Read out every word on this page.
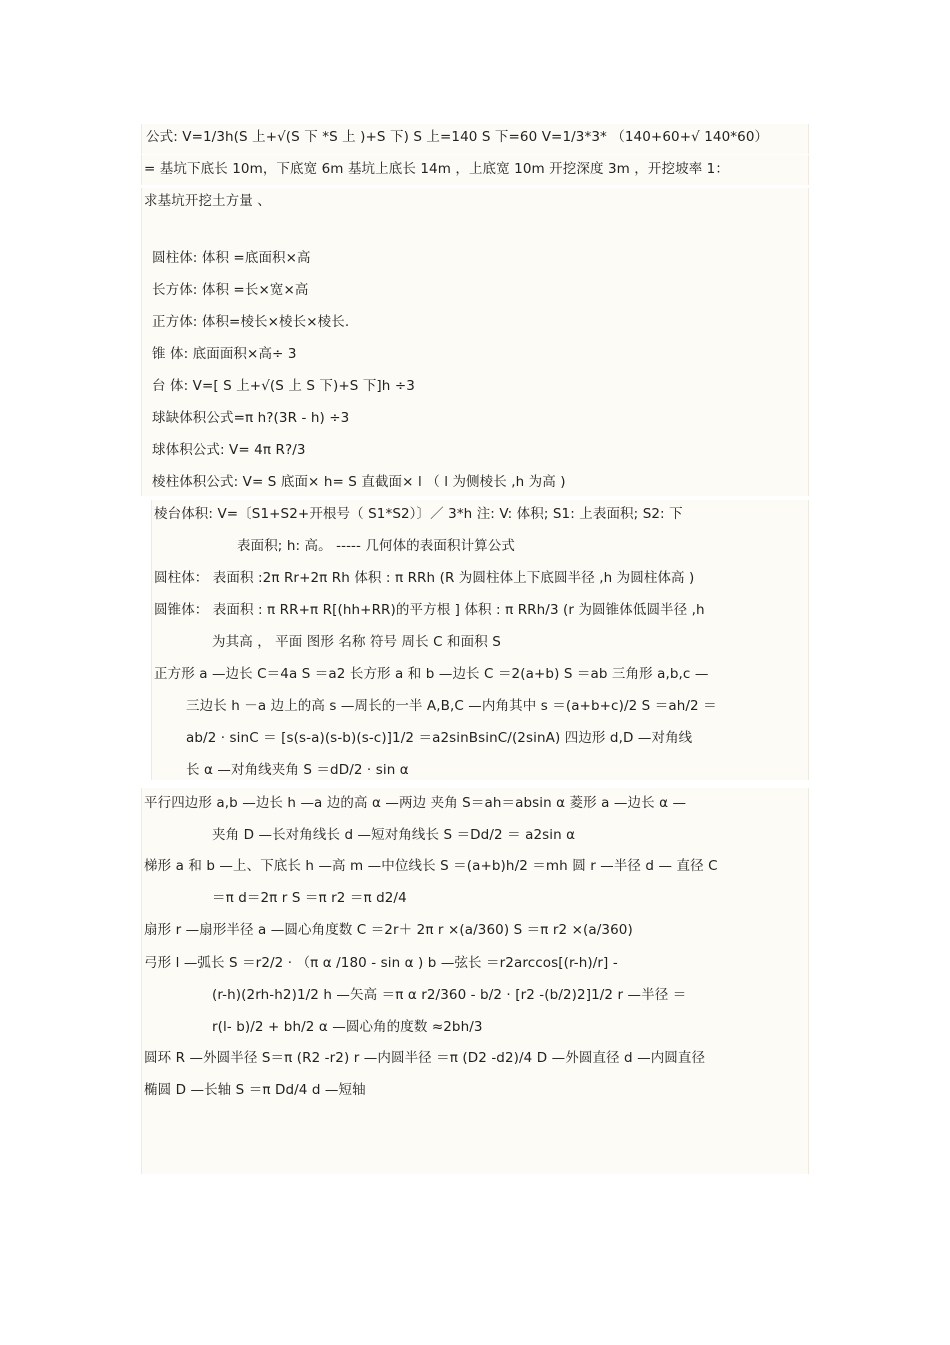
公式: V=1/3h(S 上+√(S 下 *S 上 )+S 下) S 上=140 S 下=60 V=1/3*3* （140+60+√ 140*60）
= 基坑下底长 10m，下底宽 6m 基坑上底长 14m ，上底宽 10m 开挖深度 3m ，开挖坡率 1：
求基坑开挖土方量 、
圆柱体: 体积 =底面积×高
长方体: 体积 =长×宽×高
正方体: 体积=棱长×棱长×棱长.
锥 体: 底面面积×高÷ 3
台 体: V=[ S 上+√(S 上 S 下)+S 下]h ÷3
球缺体积公式=π h?(3R - h) ÷3
球体积公式: V= 4π R?/3
棱柱体积公式: V= S 底面× h= S 直截面× l （ l 为侧棱长 ,h 为高 )
棱台体积: V=〔S1+S2+开根号（ S1*S2）〕／ 3*h 注: V: 体积; S1: 上表面积; S2: 下
表面积; h: 高。 ----- 几何体的表面积计算公式
圆柱体： 表面积 :2π Rr+2π Rh 体积 : π RRh (R 为圆柱体上下底圆半径 ,h 为圆柱体高 )
圆锥体： 表面积 : π RR+π R[(hh+RR)的平方根 ] 体积 : π RRh/3 (r 为圆锥体低圆半径 ,h
为其高 ， 平面 图形 名称 符号 周长 C 和面积 S
正方形 a —边长 C＝4a S ＝a2 长方形 a 和 b —边长 C ＝2(a+b) S ＝ab 三角形 a,b,c —
三边长 h －a 边上的高 s —周长的一半 A,B,C —内角其中 s ＝(a+b+c)/2 S ＝ah/2 ＝
ab/2 · sinC ＝ [s(s-a)(s-b)(s-c)]1/2 ＝a2sinBsinC/(2sinA) 四边形 d,D —对角线
长 α —对角线夹角 S ＝dD/2 · sin α
平行四边形 a,b —边长 h —a 边的高 α —两边 夹角 S＝ah＝absin α 菱形 a —边长 α —
夹角 D —长对角线长 d —短对角线长 S ＝Dd/2 ＝ a2sin α
梯形 a 和 b —上、下底长 h —高 m —中位线长 S ＝(a+b)h/2 ＝mh 圆 r —半径 d — 直径 C
＝π d＝2π r S ＝π r2 ＝π d2/4
扇形 r —扇形半径 a —圆心角度数 C ＝2r＋ 2π r ×(a/360) S ＝π r2 ×(a/360)
弓形 l —弧长 S ＝r2/2 · （π α /180 - sin α ) b —弦长 ＝r2arccos[(r-h)/r] -
(r-h)(2rh-h2)1/2 h —矢高 ＝π α r2/360 - b/2 · [r2 -(b/2)2]1/2 r —半径 ＝
r(l- b)/2 + bh/2 α —圆心角的度数 ≈2bh/3
圆环 R —外圆半径 S＝π (R2 -r2) r —内圆半径 ＝π (D2 -d2)/4 D —外圆直径 d —内圆直径
椭圆 D —长轴 S ＝π Dd/4 d —短轴
